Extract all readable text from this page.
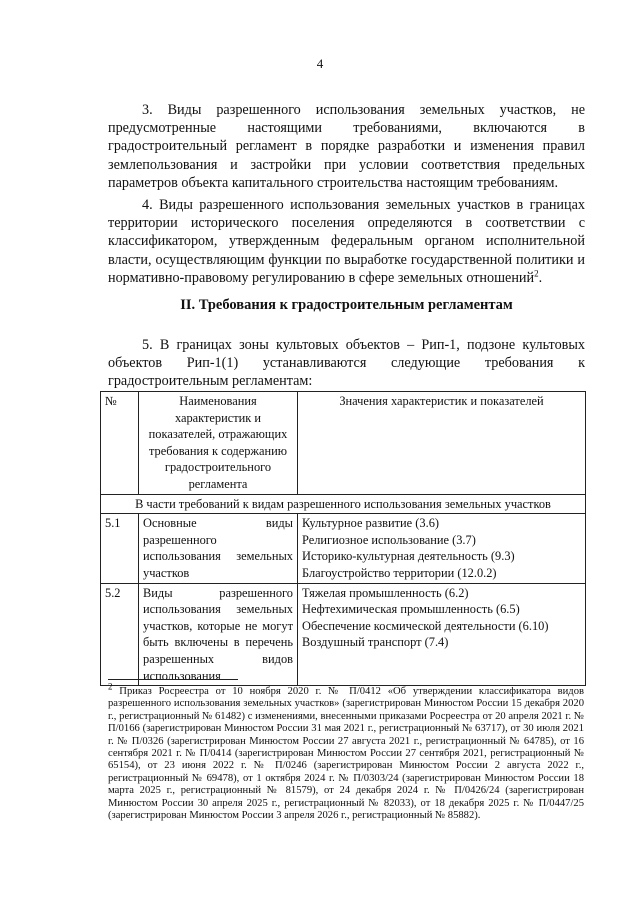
4

3. Виды разрешенного использования земельных участков, не предусмотренные настоящими требованиями, включаются в градостроительный регламент в порядке разработки и изменения правил землепользования и застройки при условии соответствия предельных параметров объекта капитального строительства настоящим требованиям.

4. Виды разрешенного использования земельных участков в границах территории исторического поселения определяются в соответствии с классификатором, утвержденным федеральным органом исполнительной власти, осуществляющим функции по выработке государственной политики и нормативно-правовому регулированию в сфере земельных отношений$^2$.

II. Требования к градостроительным регламентам

5. В границах зоны культовых объектов – Рип-1, подзоне культовых объектов Рип-1(1) устанавливаются следующие требования к градостроительным регламентам:

№	Наименования характеристик и показателей, отражающих требования к содержанию градостроительного регламента	Значения характеристик и показателей
В части требований к видам разрешенного использования земельных участков		
5.1	Основные виды разрешенного использования земельных участков	Культурное развитие (3.6)
Религиозное использование (3.7)
Историко-культурная деятельность (9.3)
Благоустройство территории (12.0.2)

5.2	Виды разрешенного использования земельных участков, которые не могут быть включены в перечень разрешенных видов использования	Тяжелая промышленность (6.2)
Нефтехимическая промышленность (6.5)
Обеспечение космической деятельности (6.10)
Воздушный транспорт (7.4)

$^2$ Приказ Росреестра от 10 ноября 2020 г. № П/0412 «Об утверждении классификатора видов разрешенного использования земельных участков» (зарегистрирован Минюстом России 15 декабря 2020 г., регистрационный № 61482) с изменениями, внесенными приказами Росреестра от 20 апреля 2021 г. № П/0166 (зарегистрирован Минюстом России 31 мая 2021 г., регистрационный № 63717), от 30 июля 2021 г. № П/0326 (зарегистрирован Минюстом России 27 августа 2021 г., регистрационный № 64785), от 16 сентября 2021 г. № П/0414 (зарегистрирован Минюстом России 27 сентября 2021, регистрационный № 65154), от 23 июня 2022 г. № П/0246 (зарегистрирован Минюстом России 2 августа 2022 г., регистрационный № 69478), от 1 октября 2024 г. № П/0303/24 (зарегистрирован Минюстом России 18 марта 2025 г., регистрационный № 81579), от 24 декабря 2024 г. № П/0426/24 (зарегистрирован Минюстом России 30 апреля 2025 г., регистрационный № 82033), от 18 декабря 2025 г. № П/0447/25 (зарегистрирован Минюстом России 3 апреля 2026 г., регистрационный № 85882).
